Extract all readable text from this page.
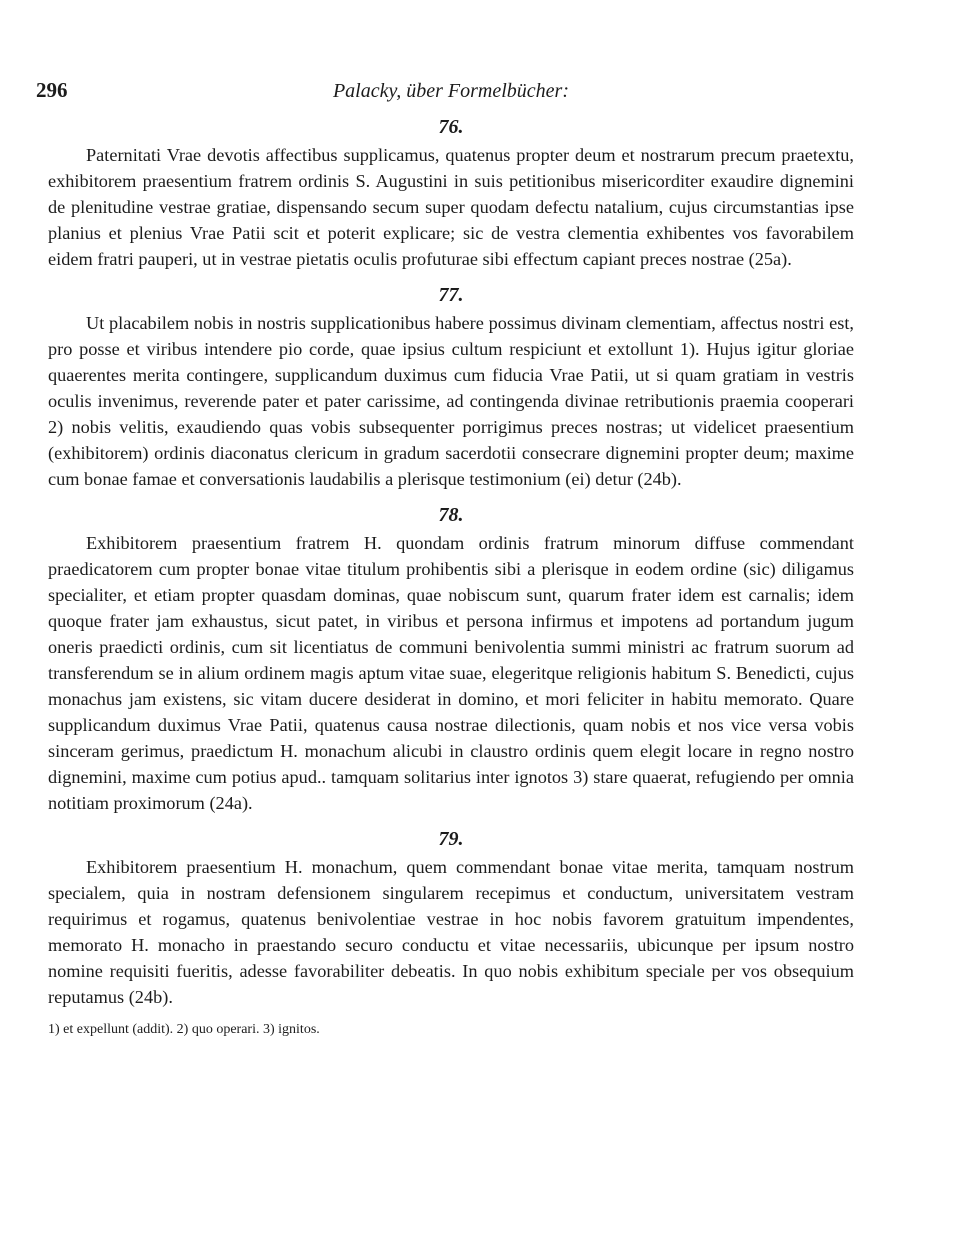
296	Palacky, über Formelbücher:
76.

Paternitati Vrae devotis affectibus supplicamus, quatenus propter deum et nostrarum precum praetextu, exhibitorem praesentium fratrem ordinis S. Augustini in suis petitionibus misericorditer exaudire dignemini de plenitudine vestrae gratiae, dispensando secum super quodam defectu natalium, cujus circumstantias ipse planius et plenius Vrae Patii scit et poterit explicare; sic de vestra clementia exhibentes vos favorabilem eidem fratri pauperi, ut in vestrae pietatis oculis profuturae sibi effectum capiant preces nostrae (25a).

77.

Ut placabilem nobis in nostris supplicationibus habere possimus divinam clementiam, affectus nostri est, pro posse et viribus intendere pio corde, quae ipsius cultum respiciunt et extollunt 1). Hujus igitur gloriae quaerentes merita contingere, supplicandum duximus cum fiducia Vrae Patii, ut si quam gratiam in vestris oculis invenimus, reverende pater et pater carissime, ad contingenda divinae retributionis praemia cooperari 2) nobis velitis, exaudiendo quas vobis subsequenter porrigimus preces nostras; ut videlicet praesentium (exhibitorem) ordinis diaconatus clericum in gradum sacerdotii consecrare dignemini propter deum; maxime cum bonae famae et conversationis laudabilis a plerisque testimonium (ei) detur (24b).

78.

Exhibitorem praesentium fratrem H. quondam ordinis fratrum minorum diffuse commendant praedicatorem cum propter bonae vitae titulum prohibentis sibi a plerisque in eodem ordine (sic) diligamus specialiter, et etiam propter quasdam dominas, quae nobiscum sunt, quarum frater idem est carnalis; idem quoque frater jam exhaustus, sicut patet, in viribus et persona infirmus et impotens ad portandum jugum oneris praedicti ordinis, cum sit licentiatus de communi benivolentia summi ministri ac fratrum suorum ad transferendum se in alium ordinem magis aptum vitae suae, elegeritque religionis habitum S. Benedicti, cujus monachus jam existens, sic vitam ducere desiderat in domino, et mori feliciter in habitu memorato. Quare supplicandum duximus Vrae Patii, quatenus causa nostrae dilectionis, quam nobis et nos vice versa vobis sinceram gerimus, praedictum H. monachum alicubi in claustro ordinis quem elegit locare in regno nostro dignemini, maxime cum potius apud.. tamquam solitarius inter ignotos 3) stare quaerat, refugiendo per omnia notitiam proximorum (24a).

79.

Exhibitorem praesentium H. monachum, quem commendant bonae vitae merita, tamquam nostrum specialem, quia in nostram defensionem singularem recepimus et conductum, universitatem vestram requirimus et rogamus, quatenus benivolentiae vestrae in hoc nobis favorem gratuitum impendentes, memorato H. monacho in praestando securo conductu et vitae necessariis, ubicunque per ipsum nostro nomine requisiti fueritis, adesse favorabiliter debeatis. In quo nobis exhibitum speciale per vos obsequium reputamus (24b).

1) et expellunt (addit). 2) quo operari. 3) ignitos.
